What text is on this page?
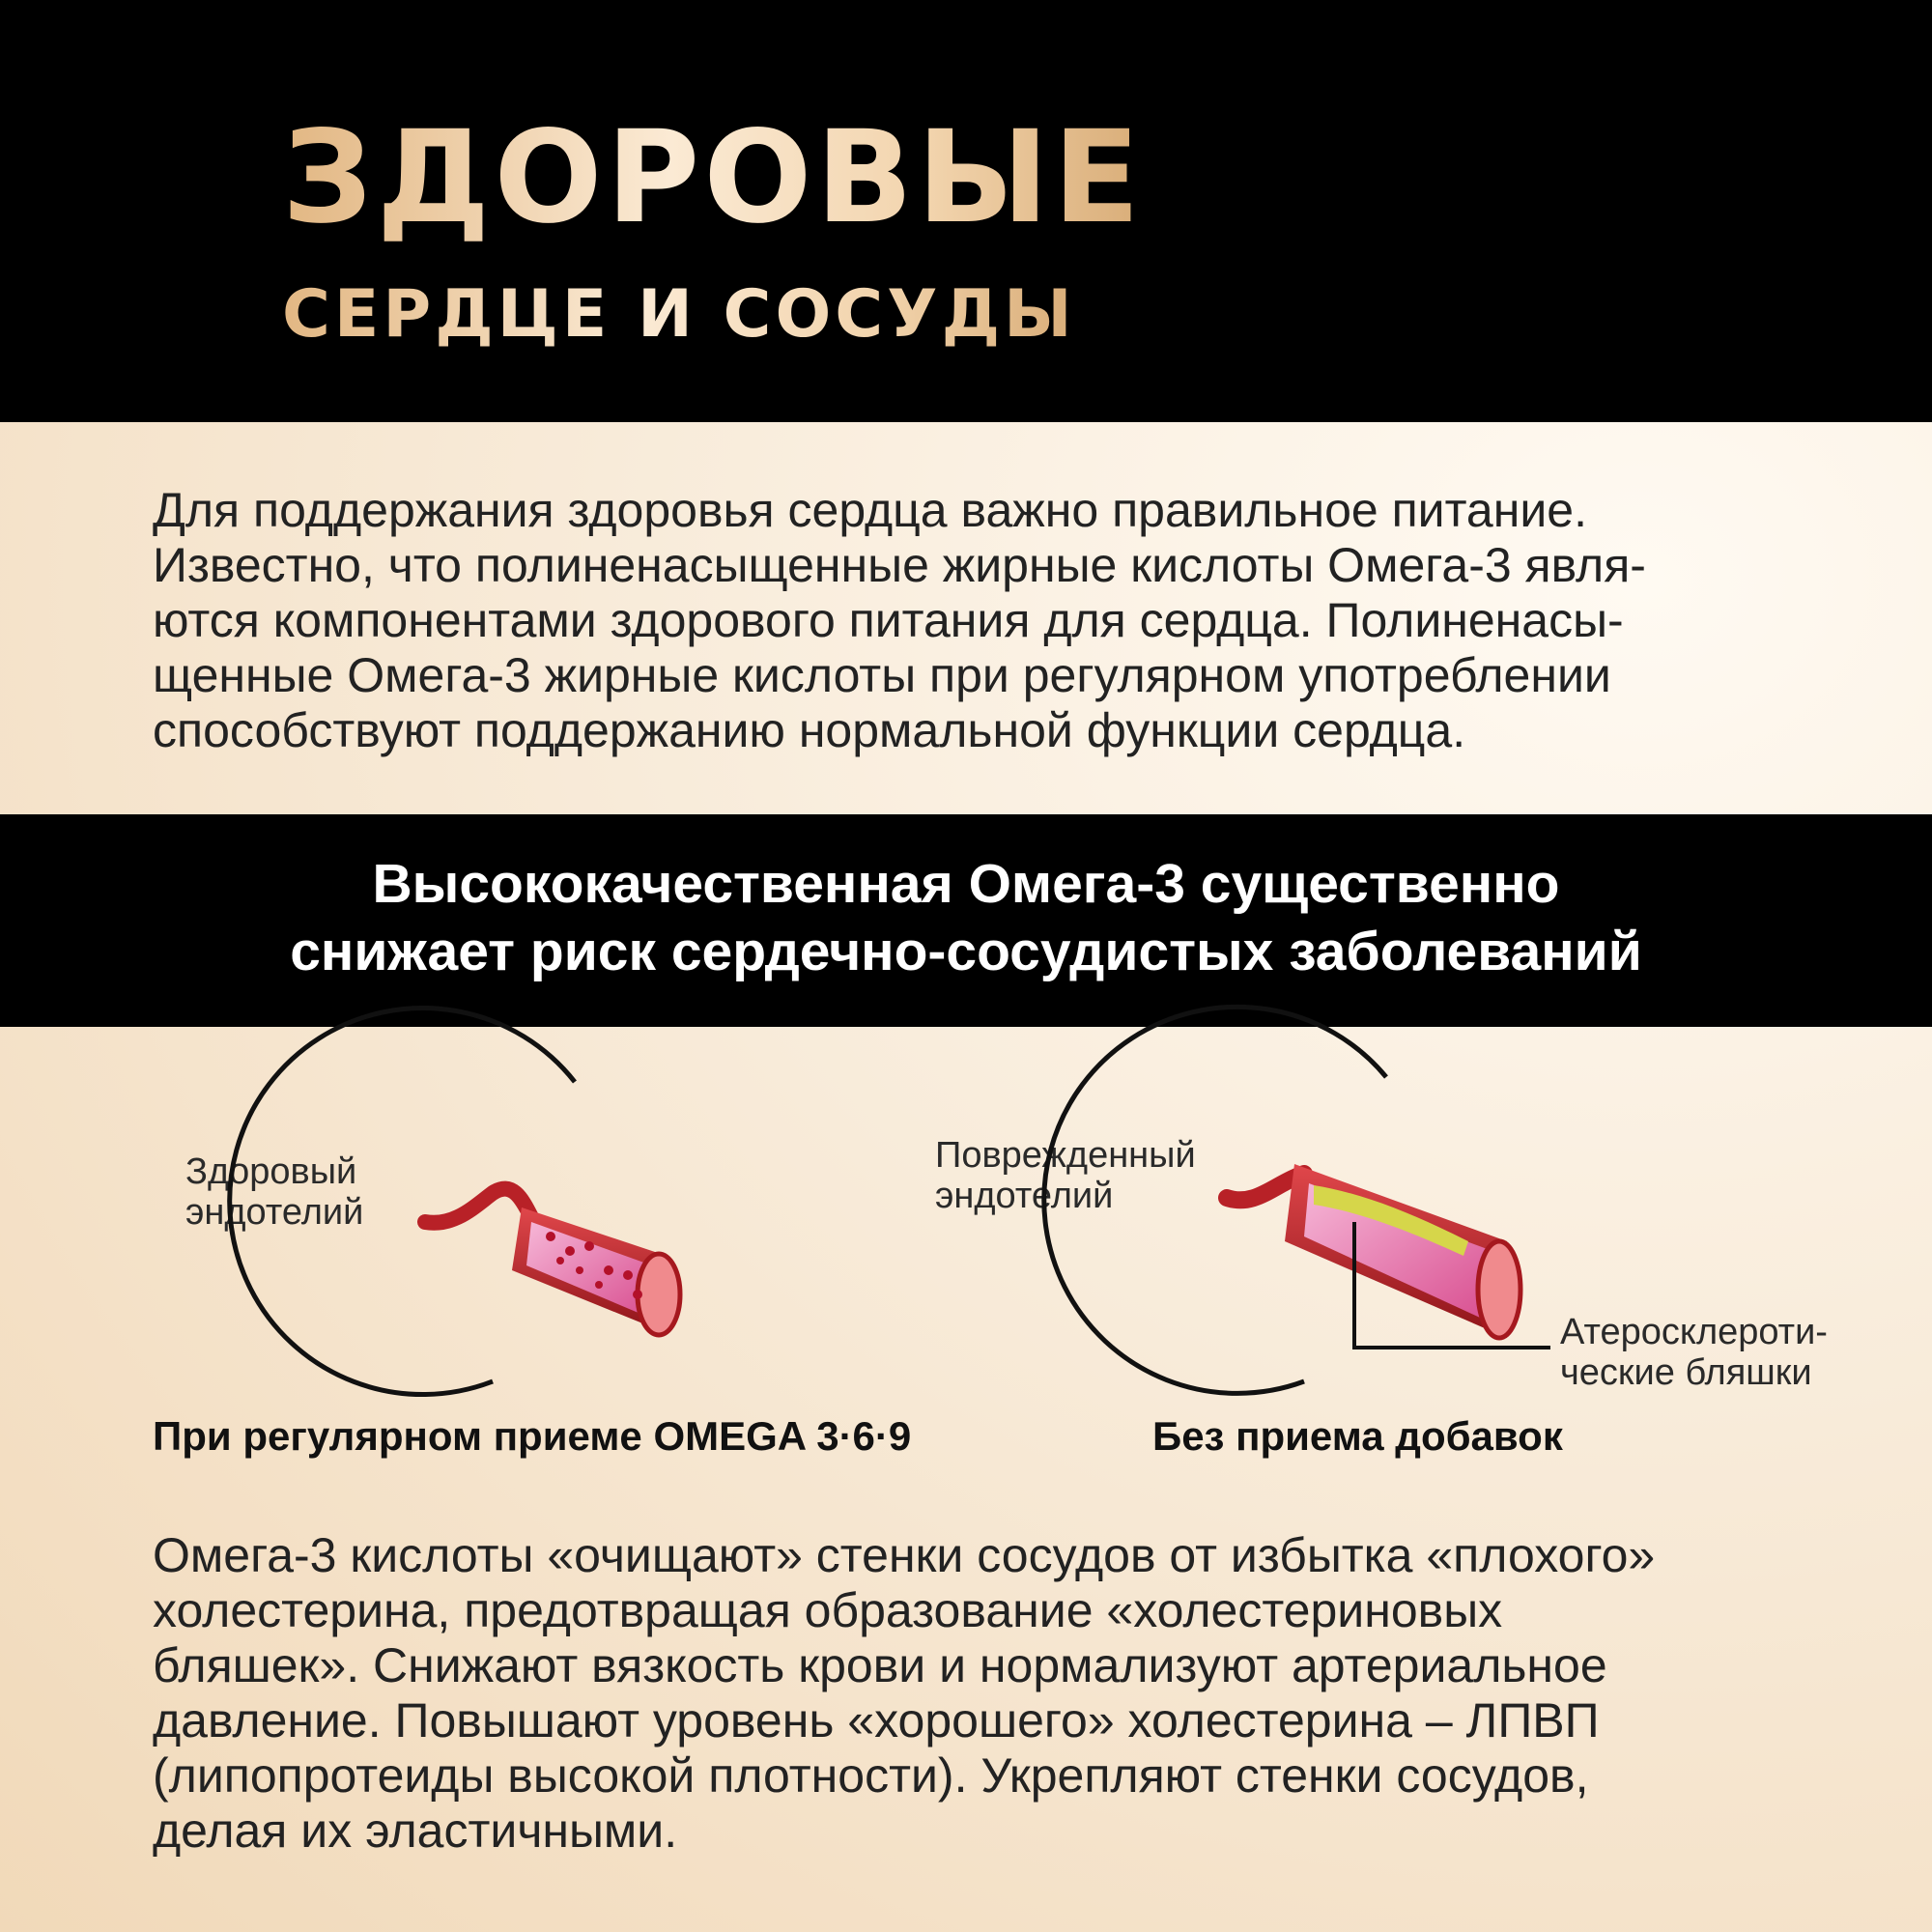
ЗДОРОВЫЕ
СЕРДЦЕ И СОСУДЫ

Для поддержания здоровья сердца важно правильное питание.
Известно, что полиненасыщенные жирные кислоты Омега-3 явля-
ются компонентами здорового питания для сердца. Полиненасы-
щенные Омега-3 жирные кислоты при регулярном употреблении
способствуют поддержанию нормальной функции сердца.

Высококачественная Омега-3 существенно
снижает риск сердечно-сосудистых заболеваний

Здоровый
эндотелий

При регулярном приеме OMEGA 3·6·9

Поврежденный
эндотелий

Атеросклероти-
ческие бляшки

Без приема добавок

Омега-3 кислоты «очищают» стенки сосудов от избытка «плохого»
холестерина, предотвращая образование «холестериновых
бляшек». Снижают вязкость крови и нормализуют артериальное
давление. Повышают уровень «хорошего» холестерина – ЛПВП
(липопротеиды высокой плотности). Укрепляют стенки сосудов,
делая их эластичными.
